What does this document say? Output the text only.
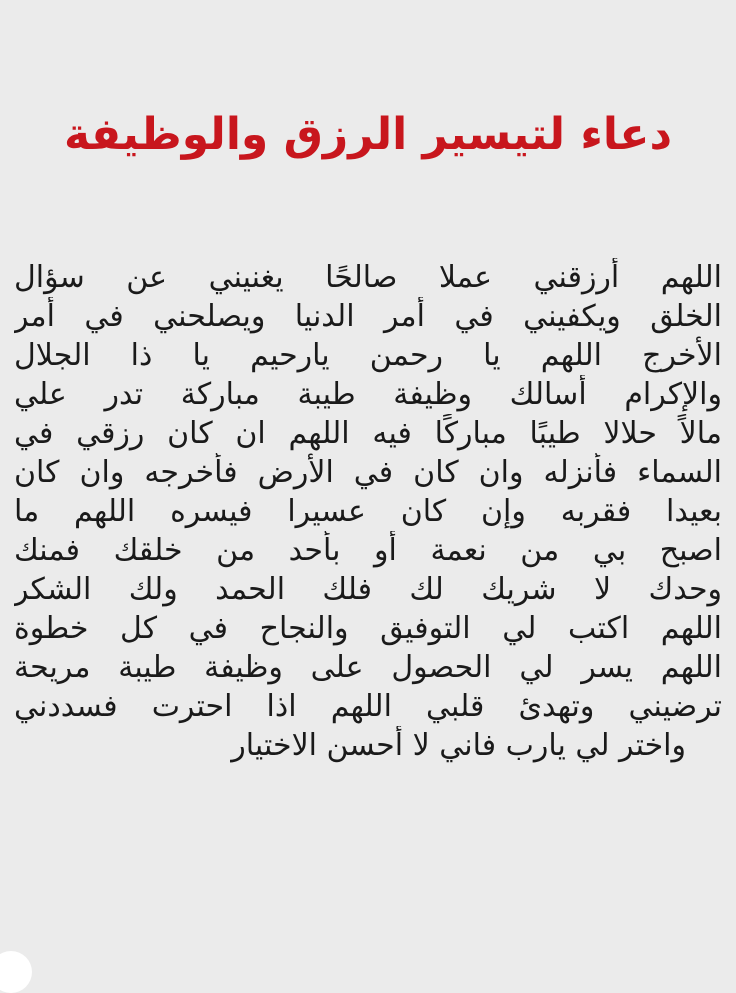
دعاء لتيسير الرزق والوظيفة
اللهم أرزقني عملا صالحًا يغنيني عن سؤال
الخلق ويكفيني في أمر الدنيا ويصلحني في أمر
الأخرج اللهم يا رحمن يارحيم يا ذا الجلال
والإكرام أسالك وظيفة طيبة مباركة تدر علي
مالاً حلالا طيبًا مباركًا فيه اللهم ان كان رزقي في
السماء فأنزله وان كان في الأرض فأخرجه وان كان
بعيدا فقربه وإن كان عسيرا فيسره اللهم ما
اصبح بي من نعمة أو بأحد من خلقك فمنك
وحدك لا شريك لك فلك الحمد ولك الشكر
اللهم اكتب لي التوفيق والنجاح في كل خطوة
اللهم يسر لي الحصول على وظيفة طيبة مريحة
ترضيني وتهدئ قلبي اللهم اذا احترت فسددني
واختر لي يارب فاني لا أحسن الاختيار
